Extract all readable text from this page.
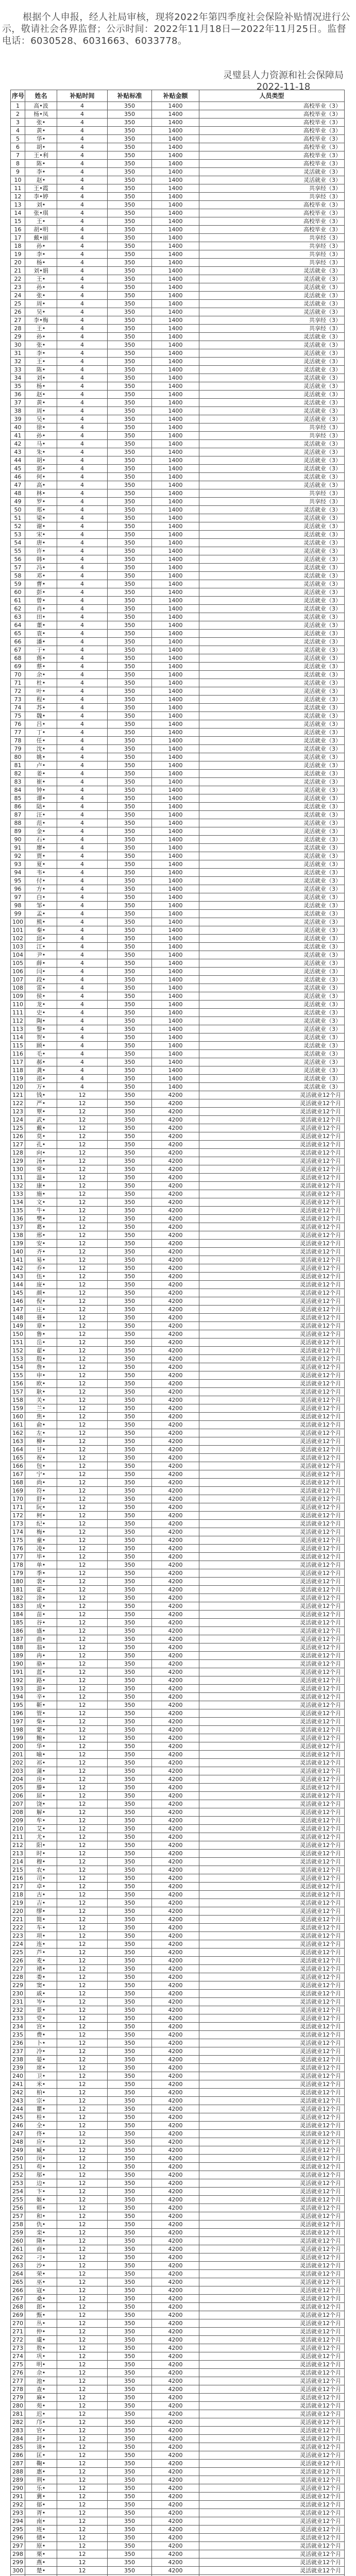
根据个人申报，经人社局审核，现将2022年第四季度社会保险补贴情况进行公示，敬请社会各界监督；公示时间：2022年11月18日—2022年11月25日。监督电话：6030528、6031663、6033778。

灵璧县人力资源和社会保障局
2022-11-18
序号	姓名	补贴时间	补贴标准	补贴金额	人员类型
1	高•波	4	350	1400	高校毕业（3）
2	杨•凤	4	350	1400	高校毕业（3）
3	张•	4	350	1400	高校毕业（3）
4	黄•	4	350	1400	高校毕业（3）
5	华•	4	350	1400	高校毕业（3）
6	胡•	4	350	1400	高校毕业（3）
7	王•利	4	350	1400	高校毕业（3）
8	陈•	4	350	1400	高校毕业（3）
9	李•	4	350	1400	灵活就业（3）
10	赵•	4	350	1400	灵活就业（3）
11	王•霞	4	350	1400	共享经（3）
12	李•婷	4	350	1400	共享经（3）
13	刘•	4	350	1400	高校毕业（3）
14	张•琪	4	350	1400	高校毕业（3）
15	王•	4	350	1400	高校毕业（3）
16	胡•明	4	350	1400	高校毕业（3）
17	戴•丽	4	350	1400	共享经（3）
18	孙•	4	350	1400	共享经（3）
19	李•	4	350	1400	共享经（3）
20	杨•	4	350	1400	共享经（3）
21	刘•娟	4	350	1400	灵活就业（3）
22	王•	4	350	1400	灵活就业（3）
23	孙•	4	350	1400	灵活就业（3）
24	张•	4	350	1400	灵活就业（3）
25	周•	4	350	1400	灵活就业（3）
26	吴•	4	350	1400	灵活就业（3）
27	李•梅	4	350	1400	共享经（3）
28	王•	4	350	1400	共享经（3）
29	孙•	4	350	1400	灵活就业（3）
30	张•	4	350	1400	灵活就业（3）
31	李•	4	350	1400	灵活就业（3）
32	王•	4	350	1400	灵活就业（3）
33	陈•	4	350	1400	灵活就业（3）
34	刘•	4	350	1400	灵活就业（3）
35	杨•	4	350	1400	灵活就业（3）
36	赵•	4	350	1400	灵活就业（3）
37	黄•	4	350	1400	灵活就业（3）
38	周•	4	350	1400	灵活就业（3）
39	吴•	4	350	1400	灵活就业（3）
40	徐•	4	350	1400	共享经（3）
41	孙•	4	350	1400	共享经（3）
42	马•	4	350	1400	灵活就业（3）
43	朱•	4	350	1400	灵活就业（3）
44	胡•	4	350	1400	灵活就业（3）
45	郭•	4	350	1400	灵活就业（3）
46	何•	4	350	1400	灵活就业（3）
47	高•	4	350	1400	灵活就业（3）
48	林•	4	350	1400	共享经（3）
49	罗•	4	350	1400	共享经（3）
50	郑•	4	350	1400	灵活就业（3）
51	梁•	4	350	1400	灵活就业（3）
52	谢•	4	350	1400	灵活就业（3）
53	宋•	4	350	1400	灵活就业（3）
54	唐•	4	350	1400	灵活就业（3）
55	许•	4	350	1400	灵活就业（3）
56	韩•	4	350	1400	灵活就业（3）
57	冯•	4	350	1400	灵活就业（3）
58	邓•	4	350	1400	灵活就业（3）
59	曹•	4	350	1400	灵活就业（3）
60	彭•	4	350	1400	灵活就业（3）
61	曾•	4	350	1400	灵活就业（3）
62	肖•	4	350	1400	灵活就业（3）
63	田•	4	350	1400	灵活就业（3）
64	董•	4	350	1400	灵活就业（3）
65	袁•	4	350	1400	灵活就业（3）
66	潘•	4	350	1400	灵活就业（3）
67	于•	4	350	1400	灵活就业（3）
68	蒋•	4	350	1400	灵活就业（3）
69	蔡•	4	350	1400	灵活就业（3）
70	余•	4	350	1400	灵活就业（3）
71	杜•	4	350	1400	灵活就业（3）
72	叶•	4	350	1400	灵活就业（3）
73	程•	4	350	1400	灵活就业（3）
74	苏•	4	350	1400	灵活就业（3）
75	魏•	4	350	1400	灵活就业（3）
76	吕•	4	350	1400	灵活就业（3）
77	丁•	4	350	1400	灵活就业（3）
78	任•	4	350	1400	灵活就业（3）
79	沈•	4	350	1400	灵活就业（3）
80	姚•	4	350	1400	灵活就业（3）
81	卢•	4	350	1400	灵活就业（3）
82	姜•	4	350	1400	灵活就业（3）
83	崔•	4	350	1400	灵活就业（3）
84	钟•	4	350	1400	灵活就业（3）
85	谭•	4	350	1400	灵活就业（3）
86	陆•	4	350	1400	灵活就业（3）
87	汪•	4	350	1400	灵活就业（3）
88	范•	4	350	1400	灵活就业（3）
89	金•	4	350	1400	灵活就业（3）
90	石•	4	350	1400	灵活就业（3）
91	廖•	4	350	1400	灵活就业（3）
92	贾•	4	350	1400	灵活就业（3）
93	夏•	4	350	1400	灵活就业（3）
94	韦•	4	350	1400	灵活就业（3）
95	付•	4	350	1400	灵活就业（3）
96	方•	4	350	1400	灵活就业（3）
97	白•	4	350	1400	灵活就业（3）
98	邹•	4	350	1400	灵活就业（3）
99	孟•	4	350	1400	灵活就业（3）
100	熊•	4	350	1400	灵活就业（3）
101	秦•	4	350	1400	灵活就业（3）
102	邱•	4	350	1400	灵活就业（3）
103	江•	4	350	1400	灵活就业（3）
104	尹•	4	350	1400	灵活就业（3）
105	薛•	4	350	1400	灵活就业（3）
106	闫•	4	350	1400	灵活就业（3）
107	段•	4	350	1400	灵活就业（3）
108	雷•	4	350	1400	灵活就业（3）
109	侯•	4	350	1400	灵活就业（3）
110	龙•	4	350	1400	灵活就业（3）
111	史•	4	350	1400	灵活就业（3）
112	陶•	4	350	1400	灵活就业（3）
113	黎•	4	350	1400	灵活就业（3）
114	贺•	4	350	1400	灵活就业（3）
115	顾•	4	350	1400	灵活就业（3）
116	毛•	4	350	1400	灵活就业（3）
117	郝•	4	350	1400	灵活就业（3）
118	龚•	4	350	1400	灵活就业（3）
119	邵•	4	350	1400	灵活就业（3）
120	万•	4	350	1400	灵活就业（3）
121	钱•	12	350	4200	灵活就业12个月
122	严•	12	350	4200	灵活就业12个月
123	覃•	12	350	4200	灵活就业12个月
124	武•	12	350	4200	灵活就业12个月
125	戴•	12	350	4200	灵活就业12个月
126	莫•	12	350	4200	灵活就业12个月
127	孔•	12	350	4200	灵活就业12个月
128	向•	12	350	4200	灵活就业12个月
129	汤•	12	350	4200	灵活就业12个月
130	常•	12	350	4200	灵活就业12个月
131	温•	12	350	4200	灵活就业12个月
132	康•	12	350	4200	灵活就业12个月
133	施•	12	350	4200	灵活就业12个月
134	文•	12	350	4200	灵活就业12个月
135	牛•	12	350	4200	灵活就业12个月
136	樊•	12	350	4200	灵活就业12个月
137	葛•	12	350	4200	灵活就业12个月
138	邢•	12	350	4200	灵活就业12个月
139	安•	12	350	4200	灵活就业12个月
140	齐•	12	350	4200	灵活就业12个月
141	易•	12	350	4200	灵活就业12个月
142	乔•	12	350	4200	灵活就业12个月
143	伍•	12	350	4200	灵活就业12个月
144	庞•	12	350	4200	灵活就业12个月
145	颜•	12	350	4200	灵活就业12个月
146	倪•	12	350	4200	灵活就业12个月
147	庄•	12	350	4200	灵活就业12个月
148	聂•	12	350	4200	灵活就业12个月
149	章•	12	350	4200	灵活就业12个月
150	鲁•	12	350	4200	灵活就业12个月
151	岳•	12	350	4200	灵活就业12个月
152	翟•	12	350	4200	灵活就业12个月
153	殷•	12	350	4200	灵活就业12个月
154	詹•	12	350	4200	灵活就业12个月
155	申•	12	350	4200	灵活就业12个月
156	欧•	12	350	4200	灵活就业12个月
157	耿•	12	350	4200	灵活就业12个月
158	关•	12	350	4200	灵活就业12个月
159	兰•	12	350	4200	灵活就业12个月
160	焦•	12	350	4200	灵活就业12个月
161	俞•	12	350	4200	灵活就业12个月
162	左•	12	350	4200	灵活就业12个月
163	柳•	12	350	4200	灵活就业12个月
164	甘•	12	350	4200	灵活就业12个月
165	祝•	12	350	4200	灵活就业12个月
166	包•	12	350	4200	灵活就业12个月
167	宁•	12	350	4200	灵活就业12个月
168	尚•	12	350	4200	灵活就业12个月
169	符•	12	350	4200	灵活就业12个月
170	舒•	12	350	4200	灵活就业12个月
171	阮•	12	350	4200	灵活就业12个月
172	柯•	12	350	4200	灵活就业12个月
173	纪•	12	350	4200	灵活就业12个月
174	梅•	12	350	4200	灵活就业12个月
175	童•	12	350	4200	灵活就业12个月
176	凌•	12	350	4200	灵活就业12个月
177	毕•	12	350	4200	灵活就业12个月
178	单•	12	350	4200	灵活就业12个月
179	季•	12	350	4200	灵活就业12个月
180	裴•	12	350	4200	灵活就业12个月
181	霍•	12	350	4200	灵活就业12个月
182	涂•	12	350	4200	灵活就业12个月
183	成•	12	350	4200	灵活就业12个月
184	苗•	12	350	4200	灵活就业12个月
185	谷•	12	350	4200	灵活就业12个月
186	盛•	12	350	4200	灵活就业12个月
187	曲•	12	350	4200	灵活就业12个月
188	翁•	12	350	4200	灵活就业12个月
189	冉•	12	350	4200	灵活就业12个月
190	骆•	12	350	4200	灵活就业12个月
191	蓝•	12	350	4200	灵活就业12个月
192	路•	12	350	4200	灵活就业12个月
193	游•	12	350	4200	灵活就业12个月
194	辛•	12	350	4200	灵活就业12个月
195	靳•	12	350	4200	灵活就业12个月
196	管•	12	350	4200	灵活就业12个月
197	柴•	12	350	4200	灵活就业12个月
198	蒙•	12	350	4200	灵活就业12个月
199	鲍•	12	350	4200	灵活就业12个月
200	华•	12	350	4200	灵活就业12个月
201	喻•	12	350	4200	灵活就业12个月
202	祁•	12	350	4200	灵活就业12个月
203	蒲•	12	350	4200	灵活就业12个月
204	房•	12	350	4200	灵活就业12个月
205	滕•	12	350	4200	灵活就业12个月
206	屈•	12	350	4200	灵活就业12个月
207	饶•	12	350	4200	灵活就业12个月
208	解•	12	350	4200	灵活就业12个月
209	牟•	12	350	4200	灵活就业12个月
210	艾•	12	350	4200	灵活就业12个月
211	尤•	12	350	4200	灵活就业12个月
212	阳•	12	350	4200	灵活就业12个月
213	时•	12	350	4200	灵活就业12个月
214	穆•	12	350	4200	灵活就业12个月
215	农•	12	350	4200	灵活就业12个月
216	司•	12	350	4200	灵活就业12个月
217	卓•	12	350	4200	灵活就业12个月
218	古•	12	350	4200	灵活就业12个月
219	吉•	12	350	4200	灵活就业12个月
220	缪•	12	350	4200	灵活就业12个月
221	简•	12	350	4200	灵活就业12个月
222	车•	12	350	4200	灵活就业12个月
223	项•	12	350	4200	灵活就业12个月
224	连•	12	350	4200	灵活就业12个月
225	芦•	12	350	4200	灵活就业12个月
226	麦•	12	350	4200	灵活就业12个月
227	褚•	12	350	4200	灵活就业12个月
228	娄•	12	350	4200	灵活就业12个月
229	窦•	12	350	4200	灵活就业12个月
230	戚•	12	350	4200	灵活就业12个月
231	岑•	12	350	4200	灵活就业12个月
232	景•	12	350	4200	灵活就业12个月
233	党•	12	350	4200	灵活就业12个月
234	宫•	12	350	4200	灵活就业12个月
235	费•	12	350	4200	灵活就业12个月
236	卜•	12	350	4200	灵活就业12个月
237	冷•	12	350	4200	灵活就业12个月
238	晏•	12	350	4200	灵活就业12个月
239	席•	12	350	4200	灵活就业12个月
240	卫•	12	350	4200	灵活就业12个月
241	米•	12	350	4200	灵活就业12个月
242	柏•	12	350	4200	灵活就业12个月
243	宗•	12	350	4200	灵活就业12个月
244	瞿•	12	350	4200	灵活就业12个月
245	桂•	12	350	4200	灵活就业12个月
246	全•	12	350	4200	灵活就业12个月
247	佟•	12	350	4200	灵活就业12个月
248	应•	12	350	4200	灵活就业12个月
249	臧•	12	350	4200	灵活就业12个月
250	闵•	12	350	4200	灵活就业12个月
251	苟•	12	350	4200	灵活就业12个月
252	邬•	12	350	4200	灵活就业12个月
253	边•	12	350	4200	灵活就业12个月
254	卞•	12	350	4200	灵活就业12个月
255	姬•	12	350	4200	灵活就业12个月
256	师•	12	350	4200	灵活就业12个月
257	和•	12	350	4200	灵活就业12个月
258	仇•	12	350	4200	灵活就业12个月
259	栾•	12	350	4200	灵活就业12个月
260	隋•	12	350	4200	灵活就业12个月
261	商•	12	350	4200	灵活就业12个月
262	刁•	12	350	4200	灵活就业12个月
263	沙•	12	350	4200	灵活就业12个月
264	荣•	12	350	4200	灵活就业12个月
265	巫•	12	350	4200	灵活就业12个月
266	寇•	12	350	4200	灵活就业12个月
267	桑•	12	350	4200	灵活就业12个月
268	郎•	12	350	4200	灵活就业12个月
269	甄•	12	350	4200	灵活就业12个月
270	丛•	12	350	4200	灵活就业12个月
271	仲•	12	350	4200	灵活就业12个月
272	虞•	12	350	4200	灵活就业12个月
273	敖•	12	350	4200	灵活就业12个月
274	巩•	12	350	4200	灵活就业12个月
275	明•	12	350	4200	灵活就业12个月
276	佘•	12	350	4200	灵活就业12个月
277	池•	12	350	4200	灵活就业12个月
278	查•	12	350	4200	灵活就业12个月
279	麻•	12	350	4200	灵活就业12个月
280	苑•	12	350	4200	灵活就业12个月
281	迟•	12	350	4200	灵活就业12个月
282	邝•	12	350	4200	灵活就业12个月
283	官•	12	350	4200	灵活就业12个月
284	封•	12	350	4200	灵活就业12个月
285	谈•	12	350	4200	灵活就业12个月
286	匡•	12	350	4200	灵活就业12个月
287	鞠•	12	350	4200	灵活就业12个月
288	惠•	12	350	4200	灵活就业12个月
289	荆•	12	350	4200	灵活就业12个月
290	乐•	12	350	4200	灵活就业12个月
291	冀•	12	350	4200	灵活就业12个月
292	郁•	12	350	4200	灵活就业12个月
293	胥•	12	350	4200	灵活就业12个月
294	南•	12	350	4200	灵活就业12个月
295	班•	12	350	4200	灵活就业12个月
296	储•	12	350	4200	灵活就业12个月
297	原•	12	350	4200	灵活就业12个月
298	栗•	12	350	4200	灵活就业12个月
299	燕•	12	350	4200	灵活就业12个月
300	楚•	12	350	4200	灵活就业12个月
